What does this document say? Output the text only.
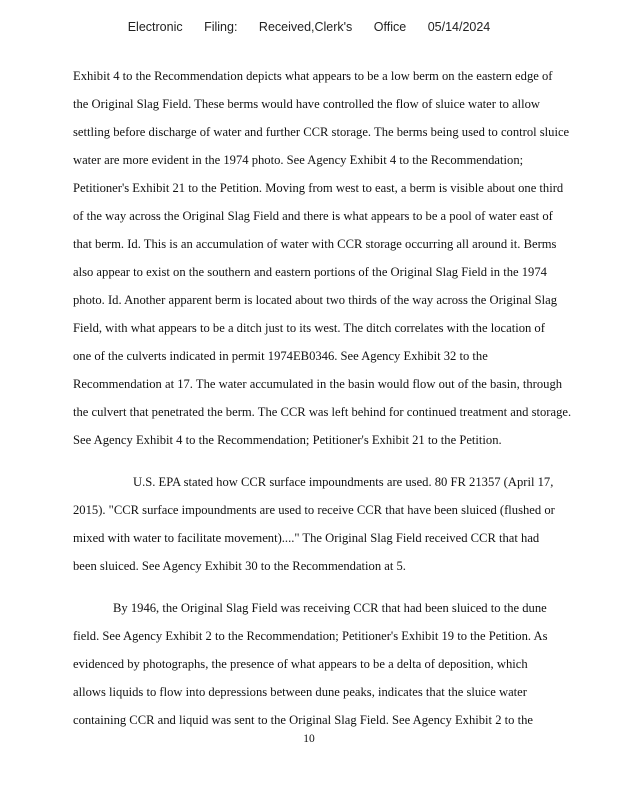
Electronic Filing: Received,Clerk's Office 05/14/2024
Exhibit 4 to the Recommendation depicts what appears to be a low berm on the eastern edge of
the Original Slag Field. These berms would have controlled the flow of sluice water to allow
settling before discharge of water and further CCR storage. The berms being used to control sluice
water are more evident in the 1974 photo. See Agency Exhibit 4 to the Recommendation;
Petitioner's Exhibit 21 to the Petition. Moving from west to east, a berm is visible about one third
of the way across the Original Slag Field and there is what appears to be a pool of water east of
that berm. Id. This is an accumulation of water with CCR storage occurring all around it. Berms
also appear to exist on the southern and eastern portions of the Original Slag Field in the 1974
photo. Id. Another apparent berm is located about two thirds of the way across the Original Slag
Field, with what appears to be a ditch just to its west. The ditch correlates with the location of
one of the culverts indicated in permit 1974EB0346. See Agency Exhibit 32 to the
Recommendation at 17. The water accumulated in the basin would flow out of the basin, through
the culvert that penetrated the berm. The CCR was left behind for continued treatment and storage.
See Agency Exhibit 4 to the Recommendation; Petitioner's Exhibit 21 to the Petition.
U.S. EPA stated how CCR surface impoundments are used. 80 FR 21357 (April 17,
2015). "CCR surface impoundments are used to receive CCR that have been sluiced (flushed or
mixed with water to facilitate movement)...." The Original Slag Field received CCR that had
been sluiced. See Agency Exhibit 30 to the Recommendation at 5.
By 1946, the Original Slag Field was receiving CCR that had been sluiced to the dune
field. See Agency Exhibit 2 to the Recommendation; Petitioner's Exhibit 19 to the Petition. As
evidenced by photographs, the presence of what appears to be a delta of deposition, which
allows liquids to flow into depressions between dune peaks, indicates that the sluice water
containing CCR and liquid was sent to the Original Slag Field. See Agency Exhibit 2 to the
10
